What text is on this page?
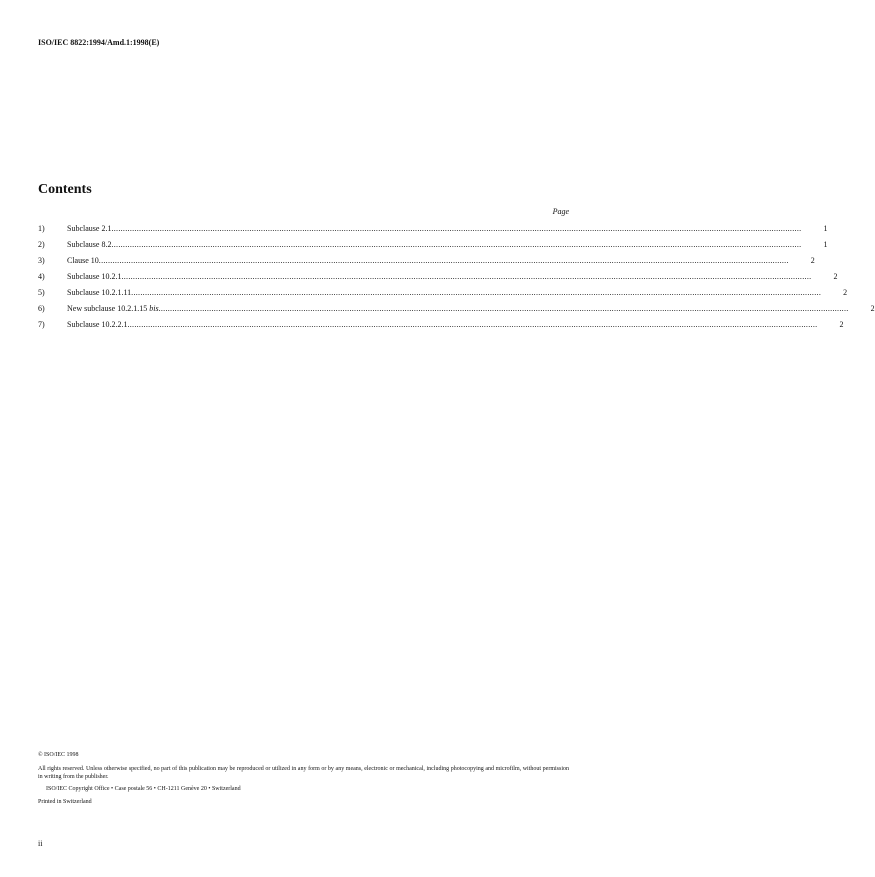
ISO/IEC 8822:1994/Amd.1:1998(E)
Contents
Page
1)	Subclause 2.1 ............................................................................................................................................................................................................................................................................................................	1
2)	Subclause 8.2 ............................................................................................................................................................................................................................................................................................................	1
3)	Clause 10 ............................................................................................................................................................................................................................................................................................................	2
4)	Subclause 10.2.1 ............................................................................................................................................................................................................................................................................................................	2
5)	Subclause 10.2.1.11 ............................................................................................................................................................................................................................................................................................................	2
6)	New subclause 10.2.1.15 bis ............................................................................................................................................................................................................................................................................................................	2
7)	Subclause 10.2.2.1 ............................................................................................................................................................................................................................................................................................................	2
© ISO/IEC 1998
All rights reserved. Unless otherwise specified, no part of this publication may be reproduced or utilized in any form or by any means, electronic or mechanical, including photocopying and microfilm, without permission in writing from the publisher.
ISO/IEC Copyright Office • Case postale 56 • CH-1211 Genève 20 • Switzerland
Printed in Switzerland
ii
